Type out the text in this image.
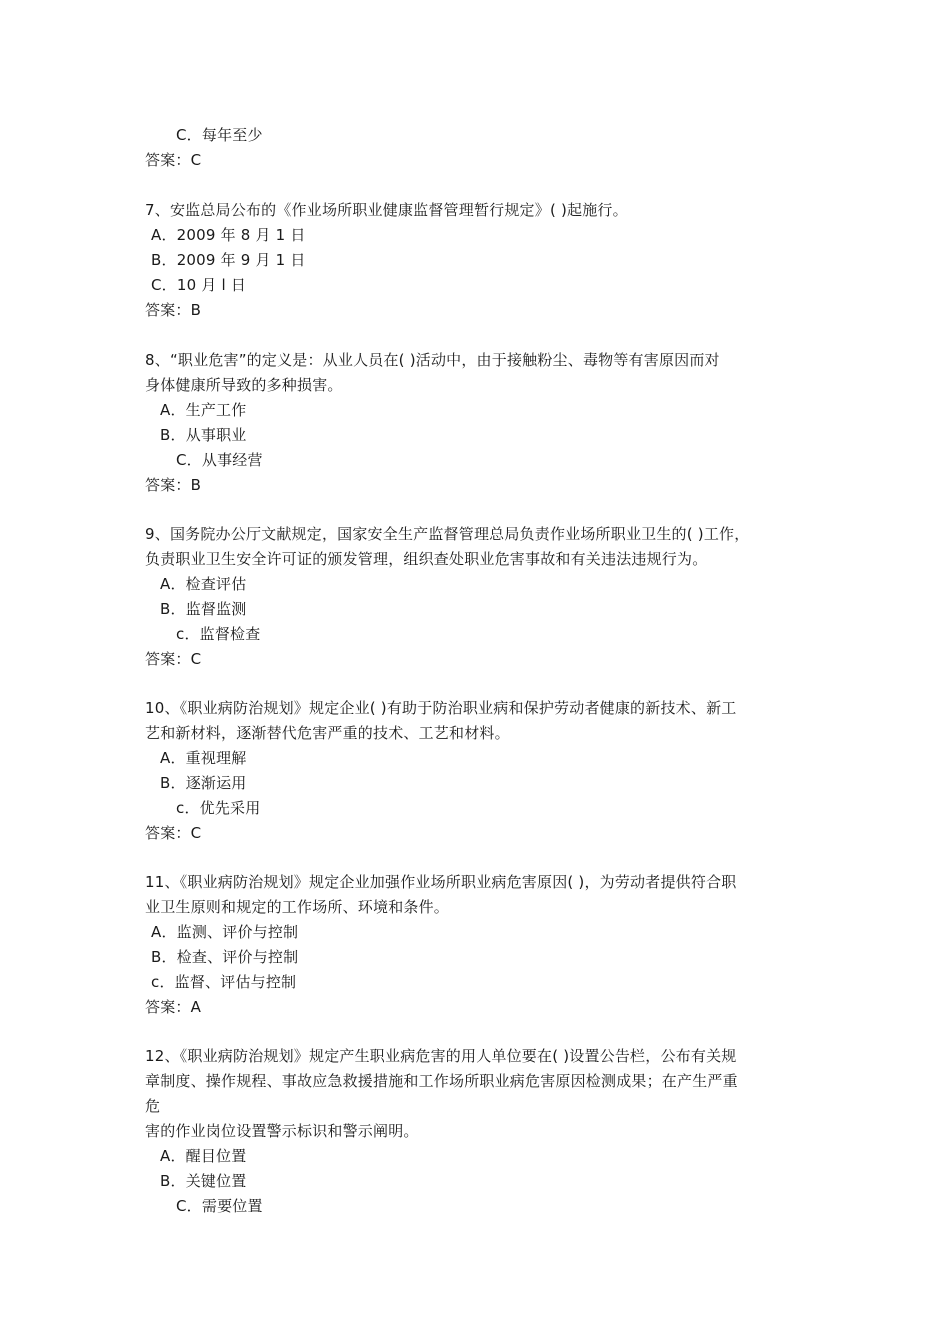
C．每年至少
答案：C
7、安监总局公布的《作业场所职业健康监督管理暂行规定》( )起施行。
A．2009 年 8 月 1 日
B．2009 年 9 月 1 日
C．10 月 l 日
答案：B
8、“职业危害”的定义是：从业人员在( )活动中，由于接触粉尘、毒物等有害原因而对
身体健康所导致的多种损害。
A．生产工作
B．从事职业
C．从事经营
答案：B
9、国务院办公厅文献规定，国家安全生产监督管理总局负责作业场所职业卫生的( )工作，
负责职业卫生安全许可证的颁发管理，组织查处职业危害事故和有关违法违规行为。
A．检查评估
B．监督监测
c．监督检查
答案：C
10、《职业病防治规划》规定企业( )有助于防治职业病和保护劳动者健康的新技术、新工
艺和新材料，逐渐替代危害严重的技术、工艺和材料。
A．重视理解
B．逐渐运用
c．优先采用
答案：C
11、《职业病防治规划》规定企业加强作业场所职业病危害原因( )，为劳动者提供符合职
业卫生原则和规定的工作场所、环境和条件。
A．监测、评价与控制
B．检查、评价与控制
c．监督、评估与控制
答案：A
12、《职业病防治规划》规定产生职业病危害的用人单位要在( )设置公告栏，公布有关规
章制度、操作规程、事故应急救援措施和工作场所职业病危害原因检测成果；在产生严重
危
害的作业岗位设置警示标识和警示阐明。
A．醒目位置
B．关键位置
C．需要位置
